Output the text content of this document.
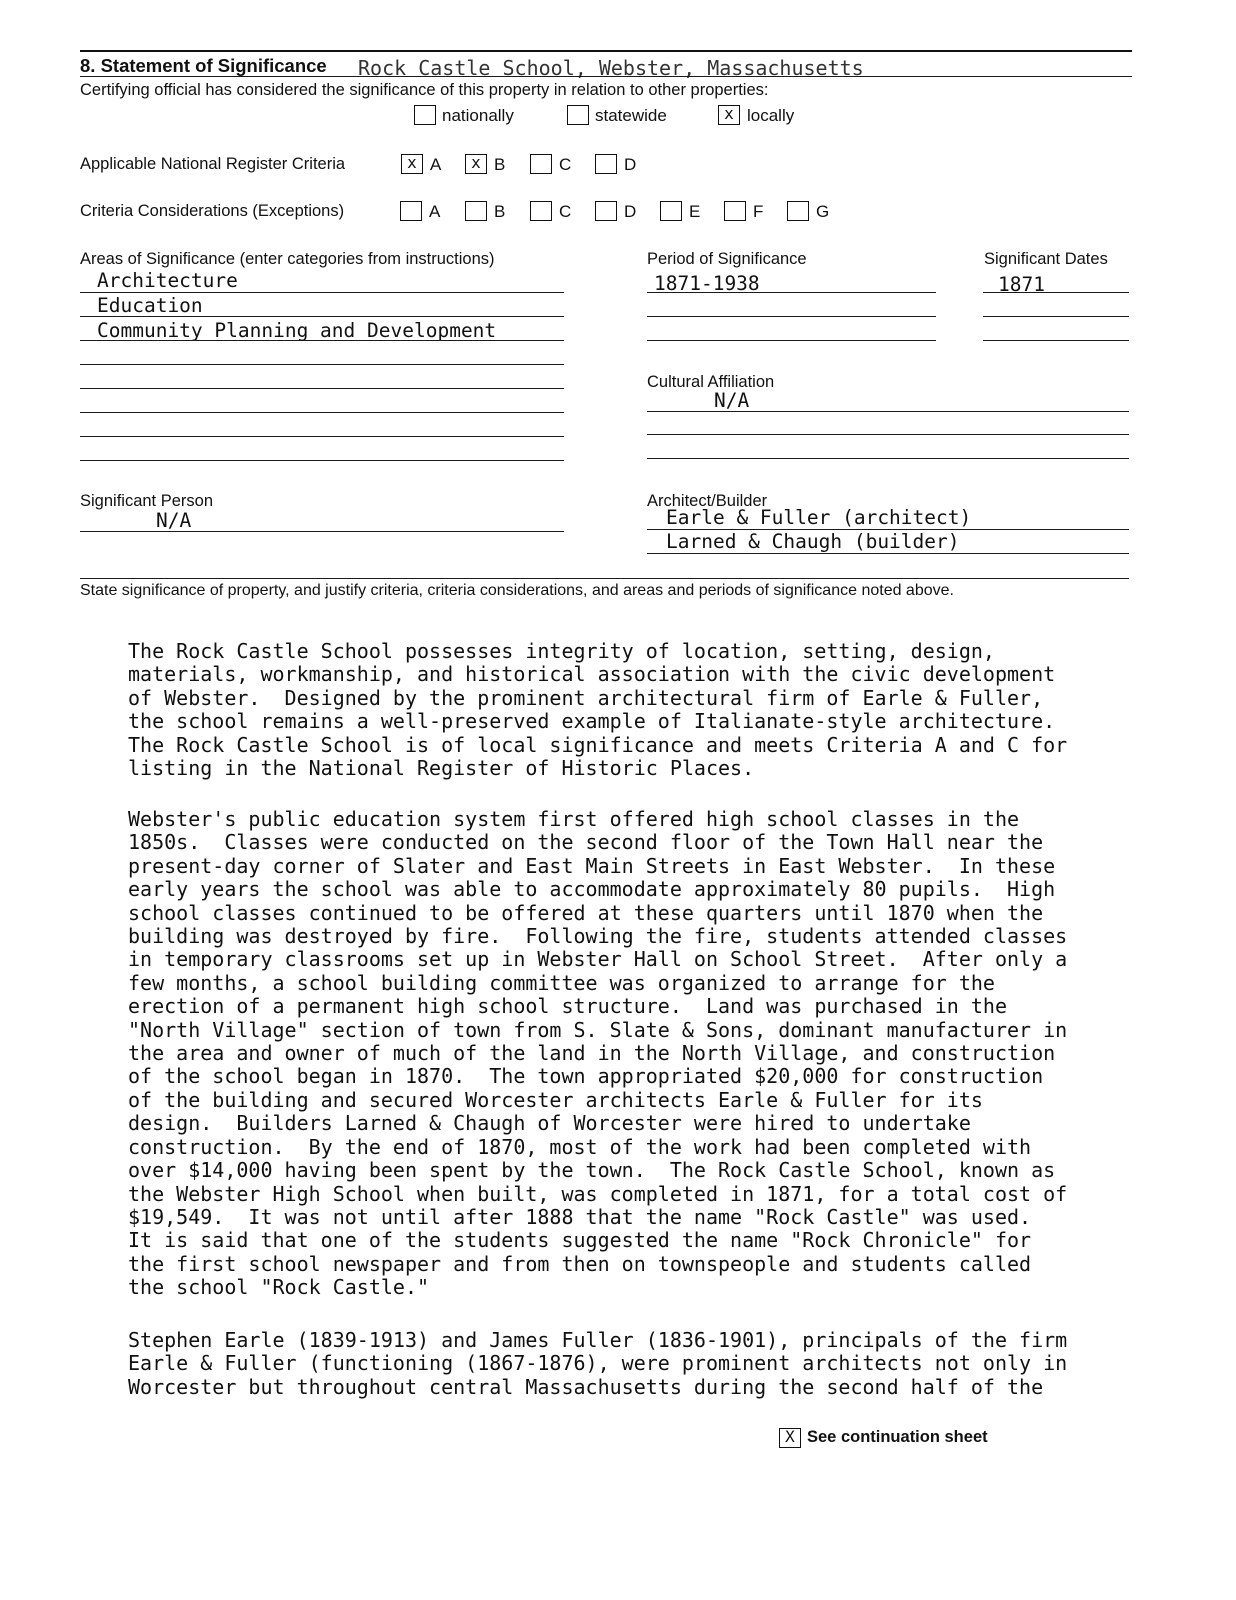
8. Statement of Significance Rock Castle School, Webster, Massachusetts
Certifying official has considered the significance of this property in relation to other properties:
nationally	statewide	x locally
Applicable National Register Criteria	x A	x B	C	D
Criteria Considerations (Exceptions)	A	B	C	D	E	F	G
Areas of Significance (enter categories from instructions)
Architecture
Education
Community Planning and Development
Period of Significance
1871-1938
Significant Dates
1871
Cultural Affiliation
N/A
Significant Person
N/A
Architect/Builder
Earle & Fuller (architect)
Larned & Chaugh (builder)
State significance of property, and justify criteria, criteria considerations, and areas and periods of significance noted above.
The Rock Castle School possesses integrity of location, setting, design,
materials, workmanship, and historical association with the civic development
of Webster.  Designed by the prominent architectural firm of Earle & Fuller,
the school remains a well-preserved example of Italianate-style architecture.
The Rock Castle School is of local significance and meets Criteria A and C for
listing in the National Register of Historic Places.
Webster's public education system first offered high school classes in the
1850s.  Classes were conducted on the second floor of the Town Hall near the
present-day corner of Slater and East Main Streets in East Webster.  In these
early years the school was able to accommodate approximately 80 pupils.  High
school classes continued to be offered at these quarters until 1870 when the
building was destroyed by fire.  Following the fire, students attended classes
in temporary classrooms set up in Webster Hall on School Street.  After only a
few months, a school building committee was organized to arrange for the
erection of a permanent high school structure.  Land was purchased in the
"North Village" section of town from S. Slate & Sons, dominant manufacturer in
the area and owner of much of the land in the North Village, and construction
of the school began in 1870.  The town appropriated $20,000 for construction
of the building and secured Worcester architects Earle & Fuller for its
design.  Builders Larned & Chaugh of Worcester were hired to undertake
construction.  By the end of 1870, most of the work had been completed with
over $14,000 having been spent by the town.  The Rock Castle School, known as
the Webster High School when built, was completed in 1871, for a total cost of
$19,549.  It was not until after 1888 that the name "Rock Castle" was used.
It is said that one of the students suggested the name "Rock Chronicle" for
the first school newspaper and from then on townspeople and students called
the school "Rock Castle."
Stephen Earle (1839-1913) and James Fuller (1836-1901), principals of the firm
Earle & Fuller (functioning (1867-1876), were prominent architects not only in
Worcester but throughout central Massachusetts during the second half of the
X See continuation sheet
